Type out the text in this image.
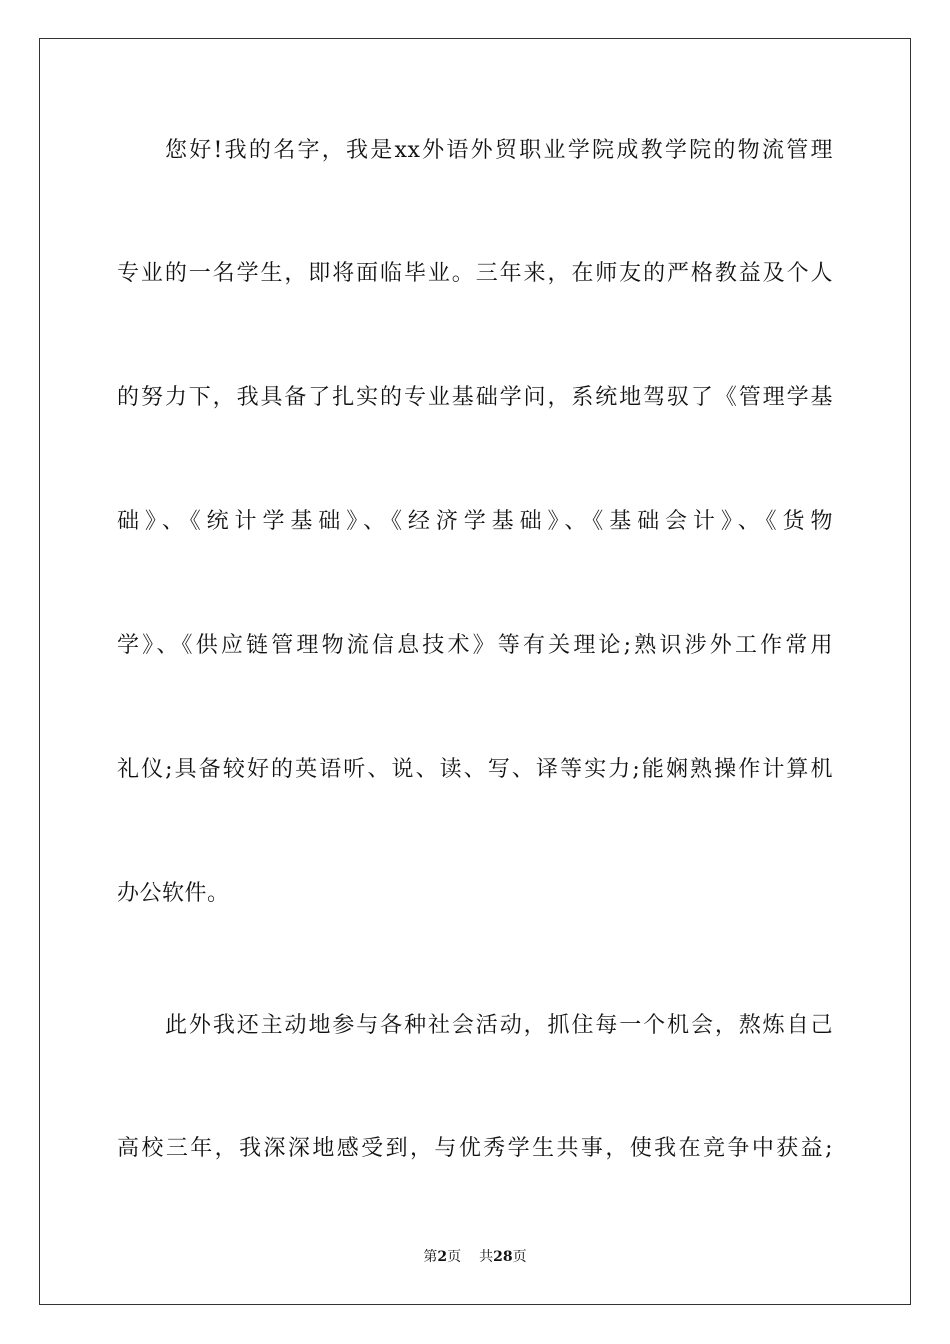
您好!我的名字，我是xx外语外贸职业学院成教学院的物流管理
专业的一名学生，即将面临毕业。三年来，在师友的严格教益及个人
的努力下，我具备了扎实的专业基础学问，系统地驾驭了《管理学基
础》、《统计学基础》、《经济学基础》、《基础会计》、《货物
学》、《供应链管理物流信息技术》等有关理论;熟识涉外工作常用
礼仪;具备较好的英语听、说、读、写、译等实力;能娴熟操作计算机
办公软件。
此外我还主动地参与各种社会活动，抓住每一个机会，熬炼自己
高校三年，我深深地感受到，与优秀学生共事，使我在竞争中获益;
第2页 共28页
